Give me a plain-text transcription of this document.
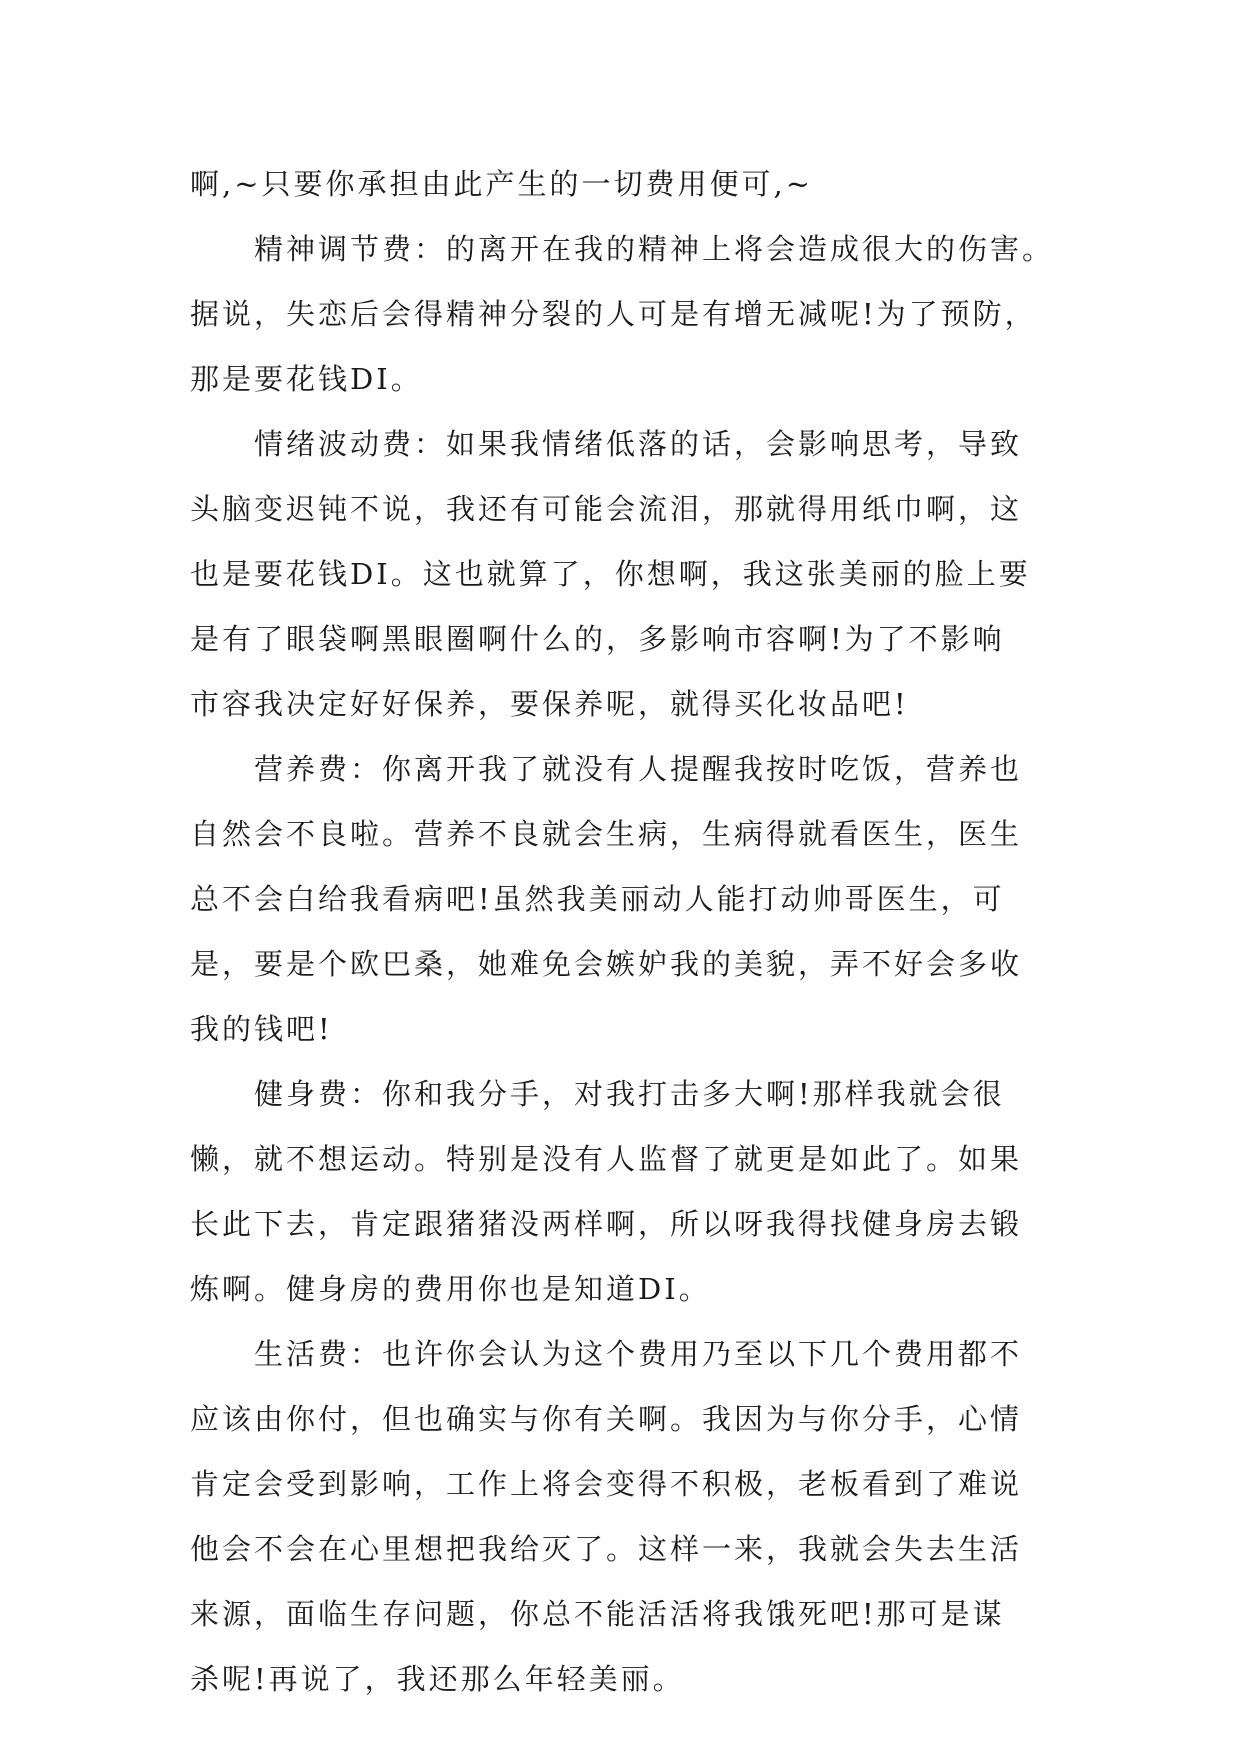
啊,~只要你承担由此产生的一切费用便可,~

精神调节费：的离开在我的精神上将会造成很大的伤害。
据说，失恋后会得精神分裂的人可是有增无减呢!为了预防，
那是要花钱DI。

情绪波动费：如果我情绪低落的话，会影响思考，导致
头脑变迟钝不说，我还有可能会流泪，那就得用纸巾啊，这
也是要花钱DI。这也就算了，你想啊，我这张美丽的脸上要
是有了眼袋啊黑眼圈啊什么的，多影响市容啊!为了不影响
市容我决定好好保养，要保养呢，就得买化妆品吧!

营养费：你离开我了就没有人提醒我按时吃饭，营养也
自然会不良啦。营养不良就会生病，生病得就看医生，医生
总不会白给我看病吧!虽然我美丽动人能打动帅哥医生，可
是，要是个欧巴桑，她难免会嫉妒我的美貌，弄不好会多收
我的钱吧!

健身费：你和我分手，对我打击多大啊!那样我就会很
懒，就不想运动。特别是没有人监督了就更是如此了。如果
长此下去，肯定跟猪猪没两样啊，所以呀我得找健身房去锻
炼啊。健身房的费用你也是知道DI。

生活费：也许你会认为这个费用乃至以下几个费用都不
应该由你付，但也确实与你有关啊。我因为与你分手，心情
肯定会受到影响，工作上将会变得不积极，老板看到了难说
他会不会在心里想把我给灭了。这样一来，我就会失去生活
来源，面临生存问题，你总不能活活将我饿死吧!那可是谋
杀呢!再说了，我还那么年轻美丽。
